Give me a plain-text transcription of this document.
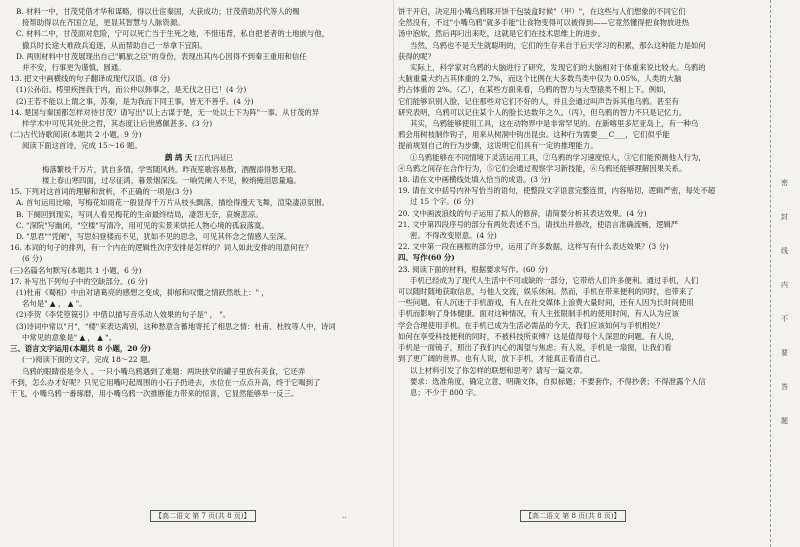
B. 材料一中，甘茂凭借才华和谋略，得以仕宦秦国，大获成功；甘茂借助苏代等人的赐

接帮助得以在齐国立足，更显其智慧与人脉资源。

C. 材料二中，甘茂面对危险，宁可以死亡当于生死之地，不惜违背，私自把老者的土地嵌与他，

撤兵时长途大难敌兵追逐，从而帮助自己一举拿下宜阳。

D. 两则材料中甘茂展现出自己"羁旅之臣"的身份，表现出其内心因得不到秦王重用和信任

并不安，行事更为谨慎、圆通。

13. 把文中画横线的句子翻译成现代汉语。(8 分)

(1)公孙衍、樗里疾挫我于内，而公仲以韩事之，是无伐之日已！(4 分)

(2)王若不能以上谓之事，苏秦，是为我而下同王事，皆无不善乎。(4 分)

14. 楚国与秦国都怎样对待甘茂？请写出"以上古谋于楚，无一处以士下为阵"一事。从甘茂的异

样学术中可见其处世之哲，其态度让后世感佩甚多。(3 分)

(二)古代诗歌阅读(本题共 2 小题，9 分)

阅读下面这首诗，完成 15～16 题。

鹧 鸪 天 [五代]冯延巳

梅落繁枝千万片，犹自多情，学雪随风转。昨夜笙歌容易散，酒醒添得愁无限。

楼上春山寒四面，过尽征鸿，暮景烟深浅。一晌凭阑人不见，鲛绡掩泪思量遍。

15. 下列对这首词的理解和赏析，不正确的一项是(3 分)

A. 首句运用比喻，写梅花如雨花一般显得千万片从枝头飘落，描绘得漫天飞舞，渲染凄凉氛围。

B. 下阕回到现实，写词人看见梅花的生命最终结局，凄怨无奈，哀婉悲凉。

C. "深院"写幽闭，"空楼"写清冷，用可见的实景来烘托人物心境的孤寂落寞。

D. "思君""凭阑"，写思妇登楼而不见，犹如不见的思念，可见其怀念之情感人至深。

16. 本词的句子的排列，有一个内在的逻辑性次序安排是怎样的？词人如此安排的用意何在？

(6 分)

(三)名篇名句默写(本题共 1 小题，6 分)

17. 补写出下列句子中的空缺部分。(6 分)

(1)杜甫《蜀相》中由对诸葛亮的感想之变成，抑郁和叹慨之情跃然纸上：" ，

名句是" ▲ ， ▲ "。

(2)李贺《李凭箜篌引》中借以描写音乐动人效果的句子是" ， "。

(3)诗词中常以"月"，"楼"来表达离别，这种愁意含蓄地寄托了相思之情：杜甫、杜牧等人中，诗词

中常见的意象是" ▲ ， ▲ "。

三、语言文字运用(本题共 8 小题，20 分)

(一)阅读下面的文字，完成 18～22 题。

乌鸦的眼睛很是令人 。一只小嘴乌鸦遇到了难题：两块狭窄的罐子里放有美食，它还弄

不到，怎么办才好呢？只见它用嘴叼起周围的小石子扔进去，水位在一点点升高，终于它喝到了

干飞，小嘴乌鸦一番琢磨，用小嘴乌鸦一次推断能力带来的惊喜，它显然能够举一反三。

饼干开启，决定用小嘴乌鸦啄开饼干包装盒时候"（甲）"，在这些与人们想象的不同它们

全然没有，不过"小嘴乌鸦"就多手能"让食物变得可以被得到——它竟然懂得把食物放进热

汤中泡软，然后再叼出来吃，这就是它们在技术思维上的进步。

当然，乌鸦也不是天生就聪明的，它们的生存来自于后天学习的积累，那么这种能力是如何

获得的呢？

实际上，科学家对乌鸦的大脑进行了研究，发现它们的大脑相对于体重来说比较大。乌鸦的

大脑重量大约占其体重的 2.7%，而这个比例在大多数鸟类中仅为 0.05%，人类的大脑

约占体重的 2%。（乙），在某些方面来看，乌鸦的智力与大型猿类不相上下。例如，

它们能够识别人脸，记住那些对它们不好的人，并且会通过叫声告诉其他乌鸦。甚至有

研究表明，乌鸦可以记住某个人的脸长达数年之久。（丙），但乌鸦的智力不只是记忆力。

其实，乌鸦能够使用工具，这在动物界中是非常罕见的。在新喀里多尼亚岛上，有一种乌

鸦会用树枝制作钩子，用来从树洞中钩出昆虫。这种行为需要___C___，它们似乎能

提前规划自己的行为步骤，这说明它们具有一定的推理能力。

①乌鸦能够在不同情境下灵活运用工具，②乌鸦的学习速度惊人，③它们能预测他人行为，

④乌鸦之间存在合作行为，⑤它们会通过观察学习新技能，⑥乌鸦还能够理解因果关系。

18. 请在文中画横线处填入恰当的成语。(3 分)

19. 请在文中括号内补写恰当的语句，使整段文字语意完整连贯，内容贴切，逻辑严密，每处不超

过 15 个字。(6 分)

20. 文中画波浪线的句子运用了拟人的修辞，请简要分析其表达效果。(4 分)

21. 文中第四段序号的部分有两处表述不当，请找出并修改，使语言准确流畅，逻辑严

密。不得改变原意。(4 分)

22. 文中第一段在画框的部分中，运用了许多数据，这样写有什么表达效果？(3 分)

四、写作(60 分)

23. 阅读下面的材料，根据要求写作。(60 分)

手机已经成为了现代人生活中不可或缺的一部分，它带给人们许多便利。通过手机，人们

可以随时随地获取信息，与他人交流，娱乐休闲。然而，手机在带来便利的同时，也带来了

一些问题。有人沉迷于手机游戏，有人在社交媒体上浪费大量时间，还有人因为长时间使用

手机而影响了身体健康。面对这种情况，有人主张限制手机的使用时间，有人认为应该

学会合理使用手机。在手机已成为生活必需品的今天，我们应该如何与手机相处？

如何在享受科技便利的同时，不被科技所束缚？这是值得每个人深思的问题。有人说，

手机是一面镜子，照出了我们内心的渴望与焦虑；有人说，手机是一扇窗，让我们看

到了更广阔的世界。也有人说，放下手机，才能真正看清自己。

以上材料引发了你怎样的联想和思考？请写一篇文章。

要求：选准角度，确定立意，明确文体，自拟标题；不要套作，不得抄袭；不得泄露个人信

息；不少于 800 字。

【高二语文 第 7 页(共 8 页)】	‥	【高二语文 第 8 页(共 8 页)】
密
封
线
内
不
要
答
题
